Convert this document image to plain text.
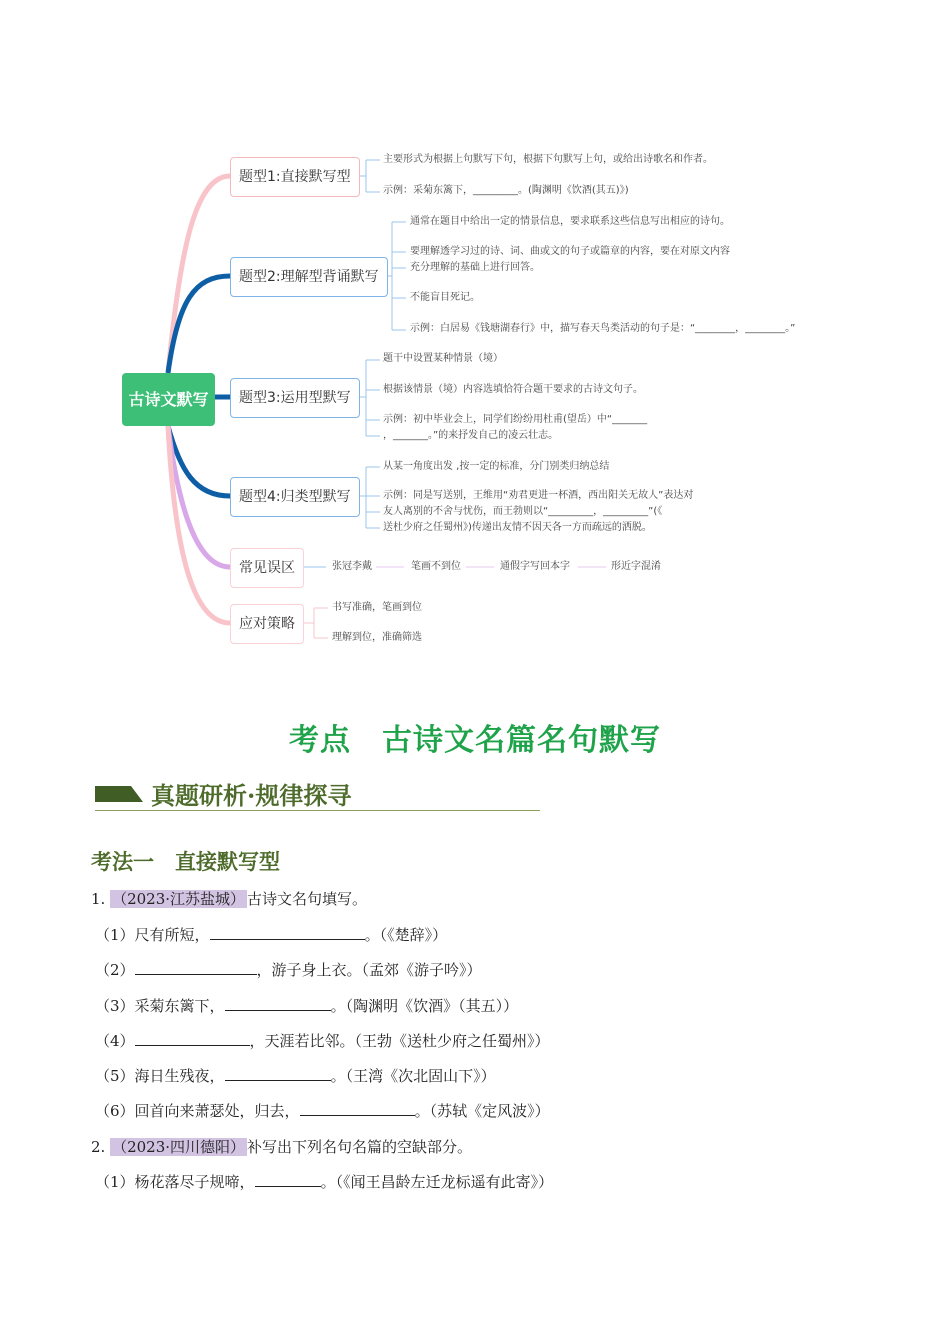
古诗文默写
题型1:直接默写型
题型2:理解型背诵默写
题型3:运用型默写
题型4:归类型默写
常见误区
应对策略
主要形式为根据上句默写下句，根据下句默写上句，或给出诗歌名和作者。
示例：采菊东篱下，_________。(陶渊明《饮酒(其五)》)
通常在题目中给出一定的情景信息，要求联系这些信息写出相应的诗句。
要理解透学习过的诗、词、曲或文的句子或篇章的内容，要在对原文内容
充分理解的基础上进行回答。
不能盲目死记。
示例：白居易《钱塘湖春行》中，描写春天鸟类活动的句子是：“________，________。”
题干中设置某种情景（境）
根据该情景（境）内容选填恰符合题干要求的古诗文句子。
示例：初中毕业会上，同学们纷纷用杜甫(望岳）中“_______
，_______。”的来抒发自己的凌云壮志。
从某一角度出发 ,按一定的标准，分门别类归纳总结
示例：同是写送别，王维用“劝君更进一杯酒，西出阳关无故人”表达对
友人离别的不舍与忧伤，而王勃则以“_________，_________”(《
送杜少府之任蜀州》)传递出友情不因天各一方而疏远的洒脱。
张冠李戴	笔画不到位	通假字写回本字	形近字混淆
书写准确，笔画到位
理解到位，准确筛选
考点　古诗文名篇名句默写
真题研析·规律探寻
考法一　直接默写型
1. （2023·江苏盐城） 古诗文名句填写。
（1）尺有所短，	。（《楚辞》）
（2）	，游子身上衣。（孟郊《游子吟》）
（3）采菊东篱下，	。（陶渊明《饮酒》（其五））
（4）	，天涯若比邻。（王勃《送杜少府之任蜀州》）
（5）海日生残夜，	。（王湾《次北固山下》）
（6）回首向来萧瑟处，归去，	。（苏轼《定风波》）
2. （2023·四川德阳） 补写出下列名句名篇的空缺部分。
（1）杨花落尽子规啼，	。（《闻王昌龄左迁龙标遥有此寄》）
